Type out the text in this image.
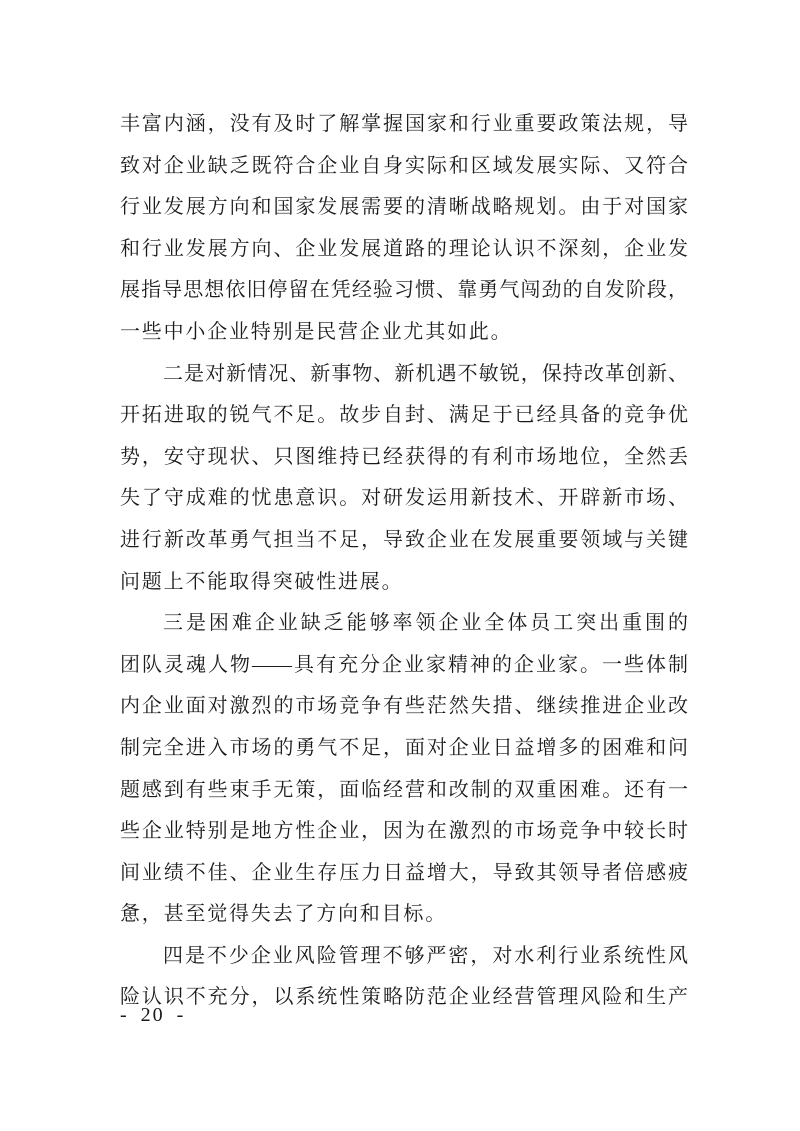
丰富内涵，没有及时了解掌握国家和行业重要政策法规，导
致对企业缺乏既符合企业自身实际和区域发展实际、又符合
行业发展方向和国家发展需要的清晰战略规划。由于对国家
和行业发展方向、企业发展道路的理论认识不深刻，企业发
展指导思想依旧停留在凭经验习惯、靠勇气闯劲的自发阶段，
一些中小企业特别是民营企业尤其如此。
二是对新情况、新事物、新机遇不敏锐，保持改革创新、
开拓进取的锐气不足。故步自封、满足于已经具备的竞争优
势，安守现状、只图维持已经获得的有利市场地位，全然丢
失了守成难的忧患意识。对研发运用新技术、开辟新市场、
进行新改革勇气担当不足，导致企业在发展重要领域与关键
问题上不能取得突破性进展。
三是困难企业缺乏能够率领企业全体员工突出重围的
团队灵魂人物——具有充分企业家精神的企业家。一些体制
内企业面对激烈的市场竞争有些茫然失措、继续推进企业改
制完全进入市场的勇气不足，面对企业日益增多的困难和问
题感到有些束手无策，面临经营和改制的双重困难。还有一
些企业特别是地方性企业，因为在激烈的市场竞争中较长时
间业绩不佳、企业生存压力日益增大，导致其领导者倍感疲
惫，甚至觉得失去了方向和目标。
四是不少企业风险管理不够严密，对水利行业系统性风
险认识不充分，以系统性策略防范企业经营管理风险和生产
- 20 -
